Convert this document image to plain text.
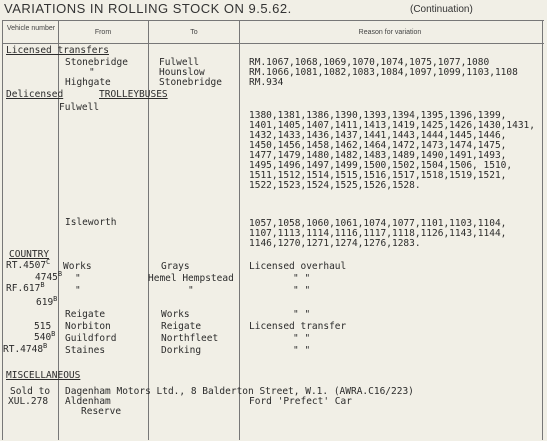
VARIATIONS IN ROLLING STOCK ON 9.5.62.	(Continuation)
Vehicle number
From	To	Reason for variation
Licensed transfers
Stonebridge	Fulwell	RM.1067,1068,1069,1070,1074,1075,1077,1080
"	Hounslow	RM.1066,1081,1082,1083,1084,1097,1099,1103,1108
Highgate	Stonebridge	RM.934
Delicensed	TROLLEYBUSES
Fulwell
1380,1381,1386,1390,1393,1394,1395,1396,1399,
1401,1405,1407,1411,1413,1419,1425,1426,1430,1431,
1432,1433,1436,1437,1441,1443,1444,1445,1446,
1450,1456,1458,1462,1464,1472,1473,1474,1475,
1477,1479,1480,1482,1483,1489,1490,1491,1493,
1495,1496,1497,1499,1500,1502,1504,1506, 1510,
1511,1512,1514,1515,1516,1517,1518,1519,1521,
1522,1523,1524,1525,1526,1528.
Isleworth	1057,1058,1060,1061,1074,1077,1101,1103,1104,
1107,1113,1114,1116,1117,1118,1126,1143,1144,
1146,1270,1271,1274,1276,1283.
COUNTRY
$RT.4507^C$ Works	Grays	Licensed overhaul
$4745^B$ "	Hemel Hempstead	" "
$RF.617^B$
"	"	" "
$619^B$
Reigate	Works	" "
515 Norbiton	Reigate	Licensed transfer
$540^B$ Guildford	Northfleet	" "
$RT.4748^B$ Staines	Dorking	" "
MISCELLANEOUS
Sold to Dagenham Motors Ltd., 8 Balderton Street, W.1. (AWRA.C16/223)
XUL.278 Aldenham	Ford 'Prefect' Car
Reserve
